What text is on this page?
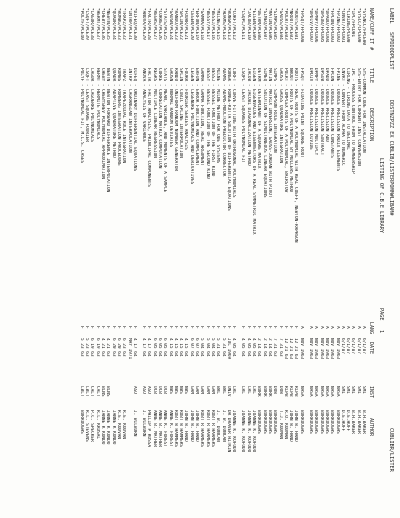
LABEL
SFPDD0DPLIST
DDSTNZPZZ EX CUBLIB/LISTERPOMM#LIBAM#
CUBLIBR/LISTER
LISTING OF C.B.E LIBRARY
PAGE
1
NAME/CUFF IT #
TITLE
DESCRIPTION
LANG
DATE
INST
AUTHOR
*SYSNCC/FPCE00
SYS-COMMON CODE FOR INSTALLATION
A
6/1/87
SMI
B.H.BAKER
*SYSCC/CPCE00
SYS-ENTRY FOR CURRENT INST CONVERSION
A
6/1/87
SMI
B.H.BAKER
*IPC/FPCD01
IPC - PROCESS CONTROL FROM TO MEMBERSHIP
A
6/1/87
SMI
B.H.BAKER
*CIRLNG/PCE00
CIRLNG - CIRLNG DATA TO DECIMAL
A
6/1/87
SMI
D.E.HUFF
*CNVRT/FPCD01
CNVRT - CONVERT FROM ALPHA TO NUMERIC
A
6/1/87
SMI
D.E.HUFF
*FPINE/FPCD02
FPINE - DOUBLE PRECISION RADIX ELEMENTS
A
NOV 1963
NASA
BURROUGHS
*FPCON/FPCD03
FPCON - DOUBLE PRECISION CONSTANTS
A
NOV 1963
NASA
BURROUGHS
*DPADD/FPCD04
DPADD - DOUBLE PRECISION ADD
A
NOV 1963
NASA
BURROUGHS
*DPSUB/FPCD05
DPSUB - DOUBLE PRECISION SUBTRACT
A
NOV 1963
NASA
BURROUGHS
*DPMPY/FPCD06
DPMPY - DOUBLE PRECISION MULTIPLY
A
NOV 1963
NASA
BURROUGHS
*DPDIV/FPCD07
DPDIV - DOUBLE PRECISION DIVIDE
A
NOV 1963
NASA
BURROUGHS
*FPSQT/FPCD08
FPSQT - FLOATING POINT SQUARE ROOT
A
NOV 1963
NASA
BURROUGHS
*ROOTS/PCE01
ROOTS - REAL ROOTS OF A POLYNOMIAL WITH REAL COEFF, NEWTON-RAPHSON
F
12 21 63
RLPB
JOHN W. HAND
*NROOT/PCE02
NROOT - ROOTS OF A POLYNOMIAL BY MULLERS METHOD
F
12 21 63
RLPB
JOHN W. HAND
*POLRT/PCE03
POLRT - COMPLEX ROOTS OF A POLYNOMIAL, BAIRSTOW
F
12 21 63
RLPB
R.O. KODMAN
*GAUSS/PCE04
GAUSS - GAUSS QUADRATURE INTEGRATION
F
7 31 63
DOW
T.J. KODMAN
*SIMPS/PCE05
SIMPS - SIMPSON RULE INTEGRATION
F
7 31 63
DOW
BURROUGHS
*MATIN/PCE06
MATIN - MATRIX INVERSION, GAUSS-JORDAN WITH PIVOT
F
2 14 64
BURR
BURROUGHS
*SIMEQ/PCE07
SIMEQ - SOLUTION OF SIMULTANEOUS LINEAR EQUATIONS
F
2 14 64
BURR
BURROUGHS
*DETRM/PCE08
DETRM - DETERMINANT OF A SQUARE MATRIX
F
2 14 64
BURR
BURROUGHS
*EIGEN/PCE09
EIGEN - EIGENVALUES AND EIGENVECTORS OF A REAL SYMMETRIC MATRIX
F
4 05 64
LRL
JOANNE K. KOFUDO
*JACOB/PCE10
JACOB - JACOBI DIAGONALIZATION METHOD
F
4 05 64
LRL
JOANNE K. KOFUDO
*LSQPL/PCE11
LSQPL - LEAST SQUARES POLYNOMIAL FIT
F
4 05 64
LRL
JOANNE K. KOFUDO
*CURFT/PCE12
CURFT - CURVE FITTING WITH ORTHOGONAL POLYNOMIALS
F
4 05 64
LRL
JOANNE K. KOFUDO
*RUNGK/PCE13
RUNGK - RUNGE-KUTTA SOLUTION OF DIFFERENTIAL EQUATIONS
F
JUL 1969
UNIV
DR DRAVER HITKIN
*ADAMS/PCE14
ADAMS - ADAMS-MOULTON PREDICTOR CORRECTOR
F
5 31 64
BRL
J. W. DUNCAN
*MILNE/PCE15
MILNE - MILNE METHOD FOR ODE SYSTEMS
F
5 31 64
BRL
J. W. DUNCAN
*BESSJ/PCE16
BESSJ - BESSEL FUNCTION OF THE FIRST KIND
F
5 04 64
GAM
ROBT R HAAMERS
*BESSY/PCE17
BESSY - BESSEL FUNCTION OF THE SECOND KIND
F
5 04 64
GAM
ROBT R HAAMERS
*GAMMA/PCE18
GAMMA - GAMMA FUNCTION, REAL ARGUMENT
F
5 04 64
GAM
ROBT R HAAMERS
*ERFUN/PCE19
ERFUN - ERROR FUNCTION AND COMPLEMENT
F
6 07 64
GAM
JOHN W. HAND
*LEGEN/PCE20
LEGEN - LEGENDRE POLYNOMIALS AND DERIVATIVES
F
6 07 64
GAM
JOHN W. HAND
*FOURR/PCE21
FOURR - FOURIER SERIES ANALYSIS
F
4 15 64
NBS
JOHN W. HAND
*SPLIN/PCE22
SPLIN - CUBIC SPLINE INTERPOLATION
F
4 15 64
NBS
ROBT W HAMMERS
*RANDU/PCE23
RANDU - UNIFORM RANDOM NUMBER GENERATOR
F
4 15 64
NBS
ROBT W HAMMERS
*GAUSN/PCE24
GAUSN - NORMAL RANDOM DEVIATES
F
4 15 64
NBS
ANNE K. FOREST
*STATS/PCE25
STATS - MEAN, VARIANCE, AND MOMENTS OF A SAMPLE
F
6 05 64
UCB
ANNE K. FOREST
*CORRE/PCE26
CORRE - CORRELATION MATRIX COMPUTATION
F
6 05 64
UCB
ANNE B. MATHER
*REGRS/PCE27
REGRS - MULTIPLE LINEAR REGRESSION
F
6 05 64
UCB
ANNE B. MATHER
*FACTR/PCE28
FACTR - FACTOR ANALYSIS, PRINCIPAL COMPONENTS
F
4 17 64
ASU
PHILIP P ROSSA
*ANOVA/PCE29
ANOVA - ANALYSIS OF VARIANCE
F
4 17 64
ASU
J. WILBURN
*DIFEQ/PCE30
DIFEQ - ORDINARY DIFFERENTIAL EQUATIONS
F
4 17 64
ASU
J. WILBURN
*INTRP/PCE31
INTRP - LAGRANGIAN INTERPOLATION
F
MAY 1971
*TRAPZ/PCE32
TRAPZ - TRAPEZOIDAL RULE INTEGRATION
F
6 23 63
R.E. KODVAN
*ROMBG/PCE33
ROMBG - ROMBERG INTEGRATION PROCEDURE
F
6 20 63
R.E. KODVAN
*QUADR/PCE34
QUADR - ADAPTIVE QUADRATURE METHOD
F
6 20 63
JANNE K KONDO
*NEWTN/PCE35
NEWTN - NEWTON FORWARD DIFFERENCE INTERPOLATION
F
4 21 63
BLNS
JANNE K KONDO
*CHEBY/PCE36
CHEBY - CHEBYSHEV POLYNOMIAL APPROXIMATION
F
4 21 63
BLNS
JANNE K KONDO
*HERMT/PCE37
HERMT - HERMITE POLYNOMIALS
F
6 19 63
CALT
R.L. KRUSAL
*LAGUR/PCE38
LAGUR - LAGUERRE POLYNOMIALS
F
6 19 63
CALT
P.C. SPECKER
*LSQFT/PCE39
LSQFT - LEAST SQUARE FOURIER
F
5 23 63
LBLT
R.L. STEVENS
*POLYF/PCE40
POLYF - POLYNOMIAL FIT, M.L.S. CASES
F
5 23 63
LBLT
BURROUGHS
